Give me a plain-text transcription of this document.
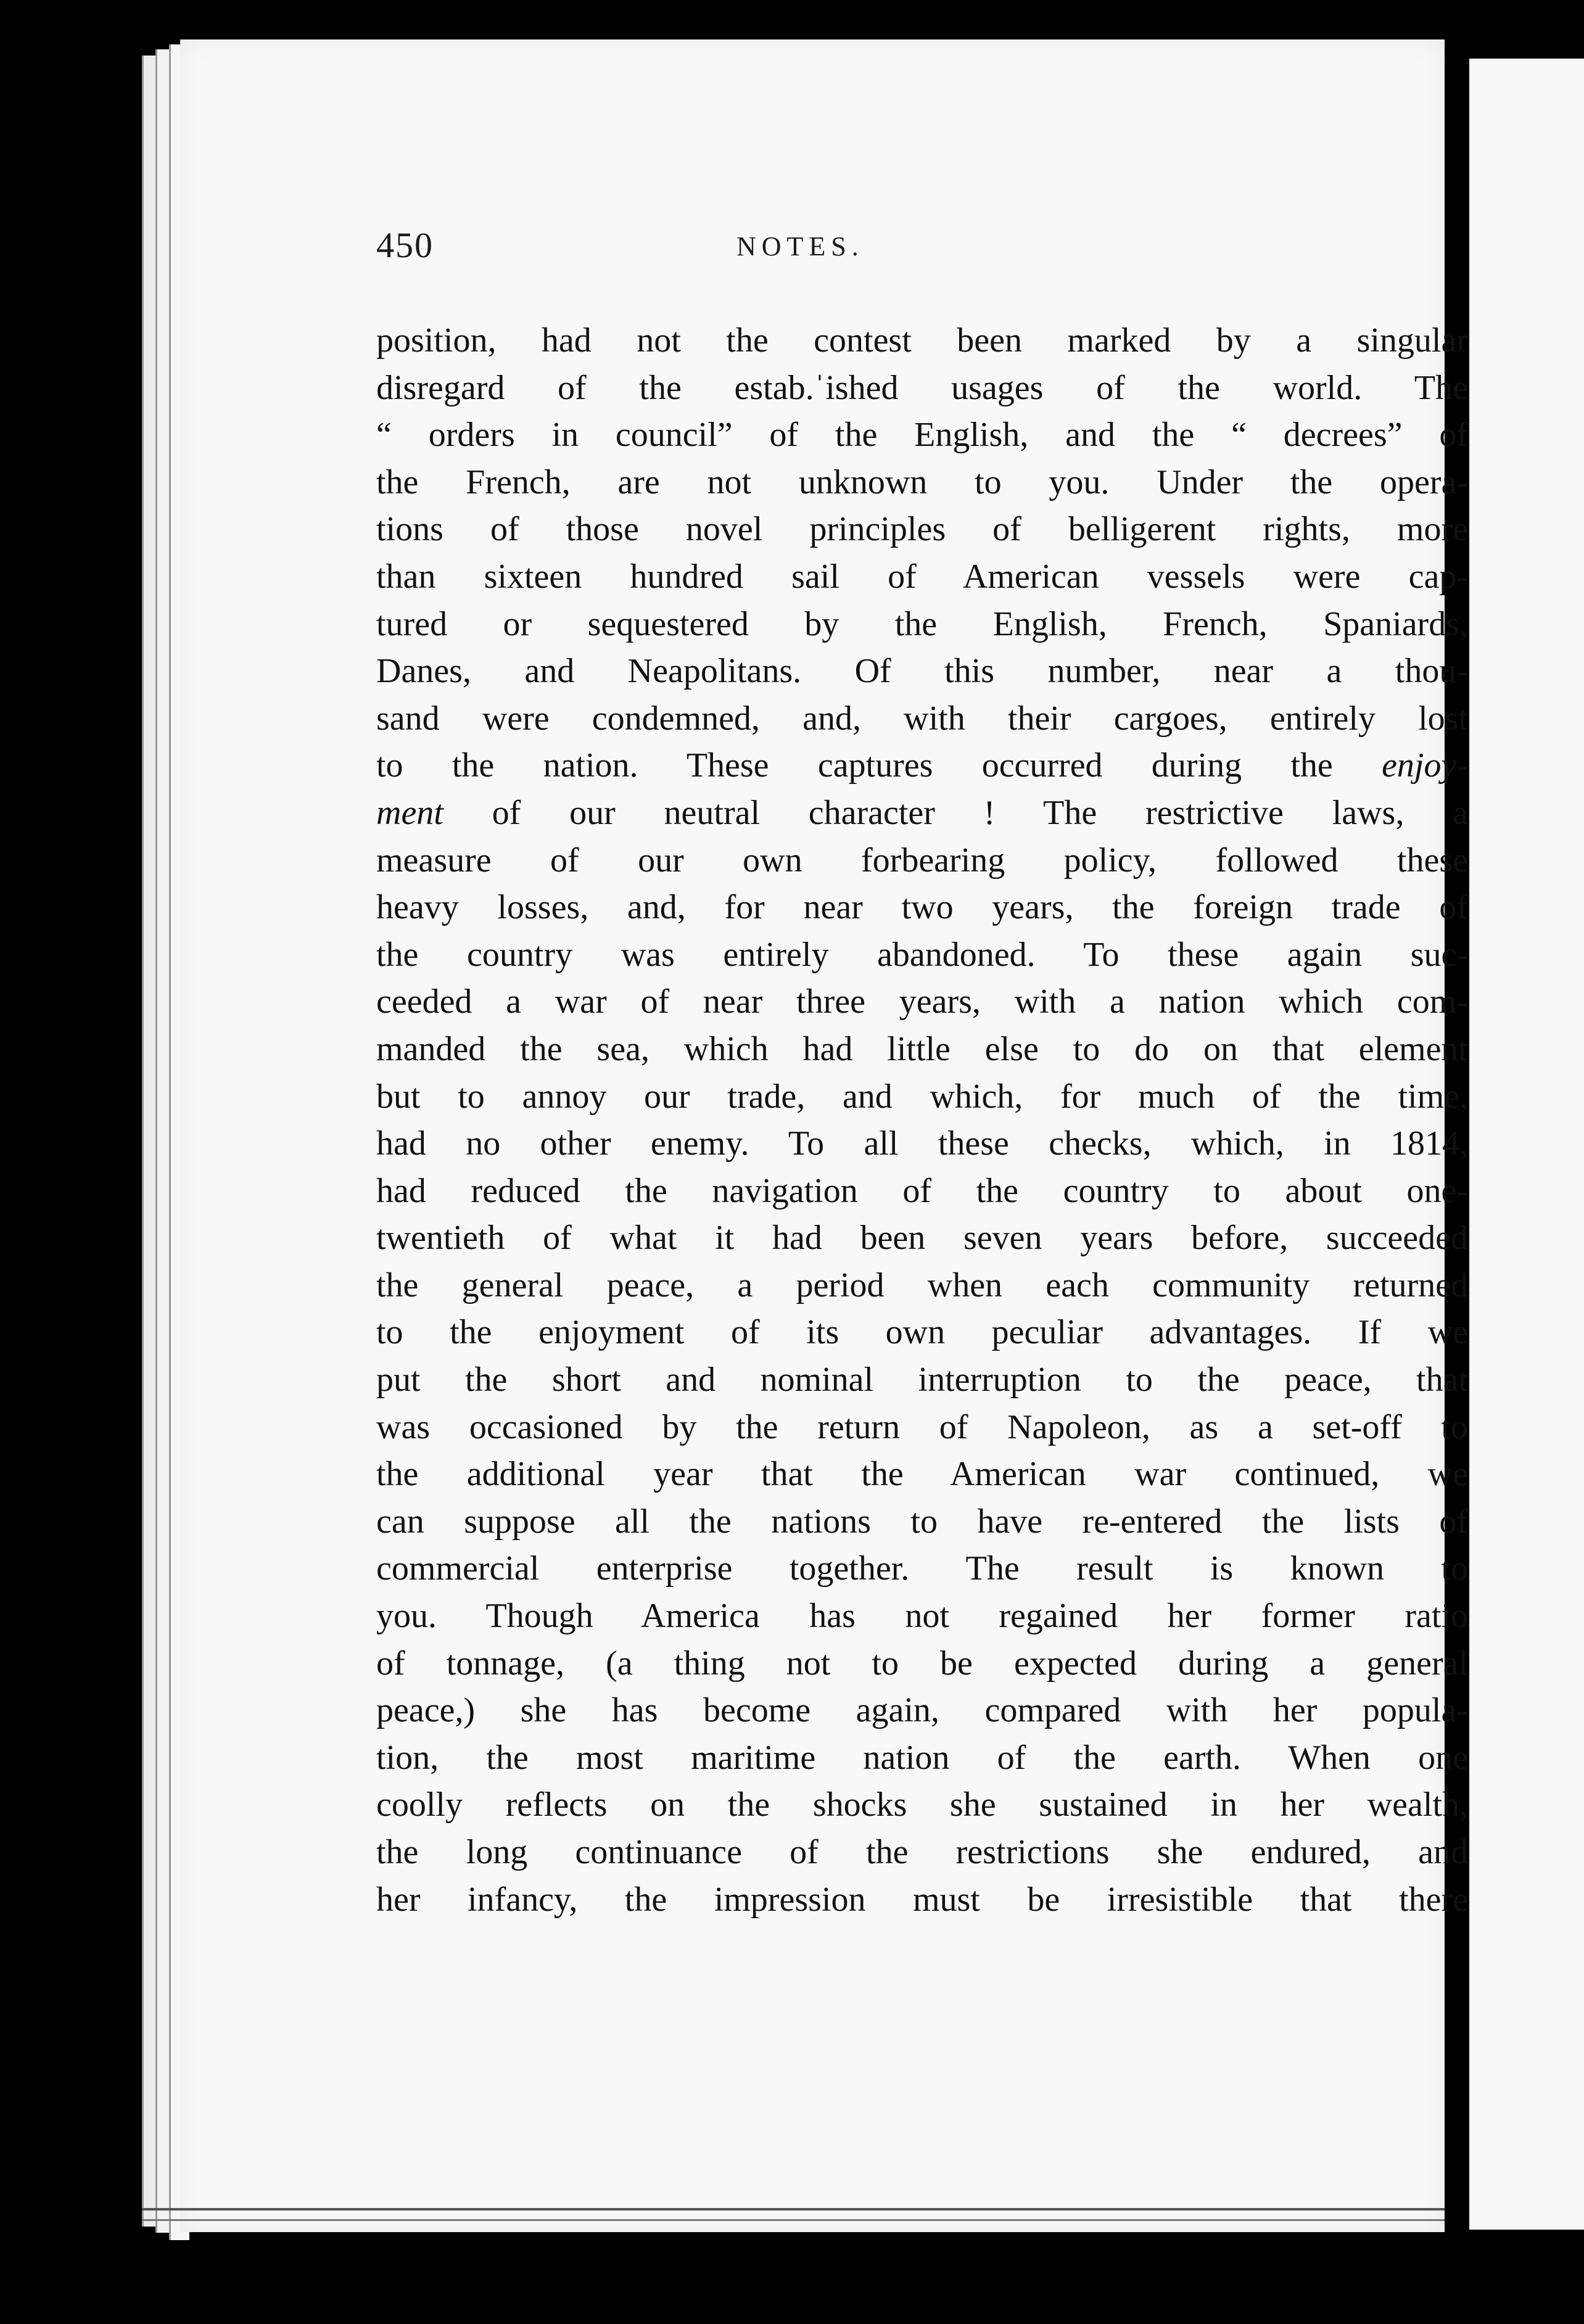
450	NOTES.
position, had not the contest been marked by a singular
disregard of the estab.ˈished usages of the world. The
“ orders in council” of the English, and the “ decrees” of
the French, are not unknown to you. Under the opera-
tions of those novel principles of belligerent rights, more
than sixteen hundred sail of American vessels were cap-
tured or sequestered by the English, French, Spaniards,
Danes, and Neapolitans. Of this number, near a thou-
sand were condemned, and, with their cargoes, entirely lost
to the nation. These captures occurred during the enjoy-
ment of our neutral character ! The restrictive laws, a
measure of our own forbearing policy, followed these
heavy losses, and, for near two years, the foreign trade of
the country was entirely abandoned. To these again suc-
ceeded a war of near three years, with a nation which com-
manded the sea, which had little else to do on that element
but to annoy our trade, and which, for much of the time,
had no other enemy. To all these checks, which, in 1814,
had reduced the navigation of the country to about one-
twentieth of what it had been seven years before, succeeded
the general peace, a period when each community returned
to the enjoyment of its own peculiar advantages. If we
put the short and nominal interruption to the peace, that
was occasioned by the return of Napoleon, as a set-off to
the additional year that the American war continued, we
can suppose all the nations to have re-entered the lists of
commercial enterprise together. The result is known to
you. Though America has not regained her former ratio
of tonnage, (a thing not to be expected during a general
peace,) she has become again, compared with her popula-
tion, the most maritime nation of the earth. When one
coolly reflects on the shocks she sustained in her wealth,
the long continuance of the restrictions she endured, and
her infancy, the impression must be irresistible that there
